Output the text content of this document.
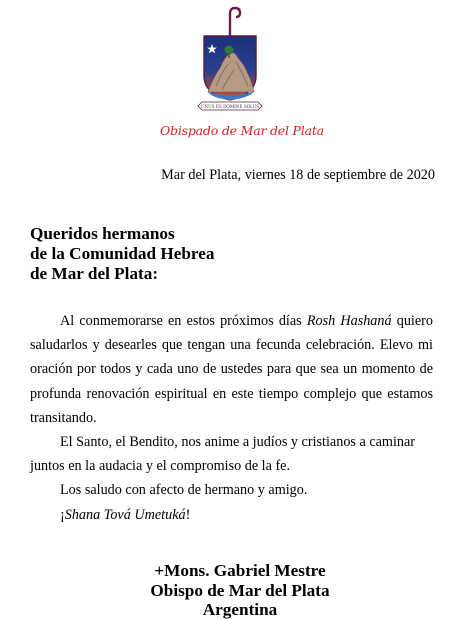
UNUS ES DOMINE SOLUS
Obispado de Mar del Plata
Mar del Plata, viernes 18 de septiembre de 2020
Queridos hermanos
de la Comunidad Hebrea
de Mar del Plata:

Al conmemorarse en estos próximos días Rosh Hashaná quiero saludarlos y desearles que tengan una fecunda celebración. Elevo mi oración por todos y cada uno de ustedes para que sea un momento de profunda renovación espiritual en este tiempo complejo que estamos transitando.

El Santo, el Bendito, nos anime a judíos y cristianos a caminar juntos en la audacia y el compromiso de la fe.

Los saludo con afecto de hermano y amigo.

¡Shana Tová Umetuká!

+Mons. Gabriel Mestre
Obispo de Mar del Plata
Argentina
